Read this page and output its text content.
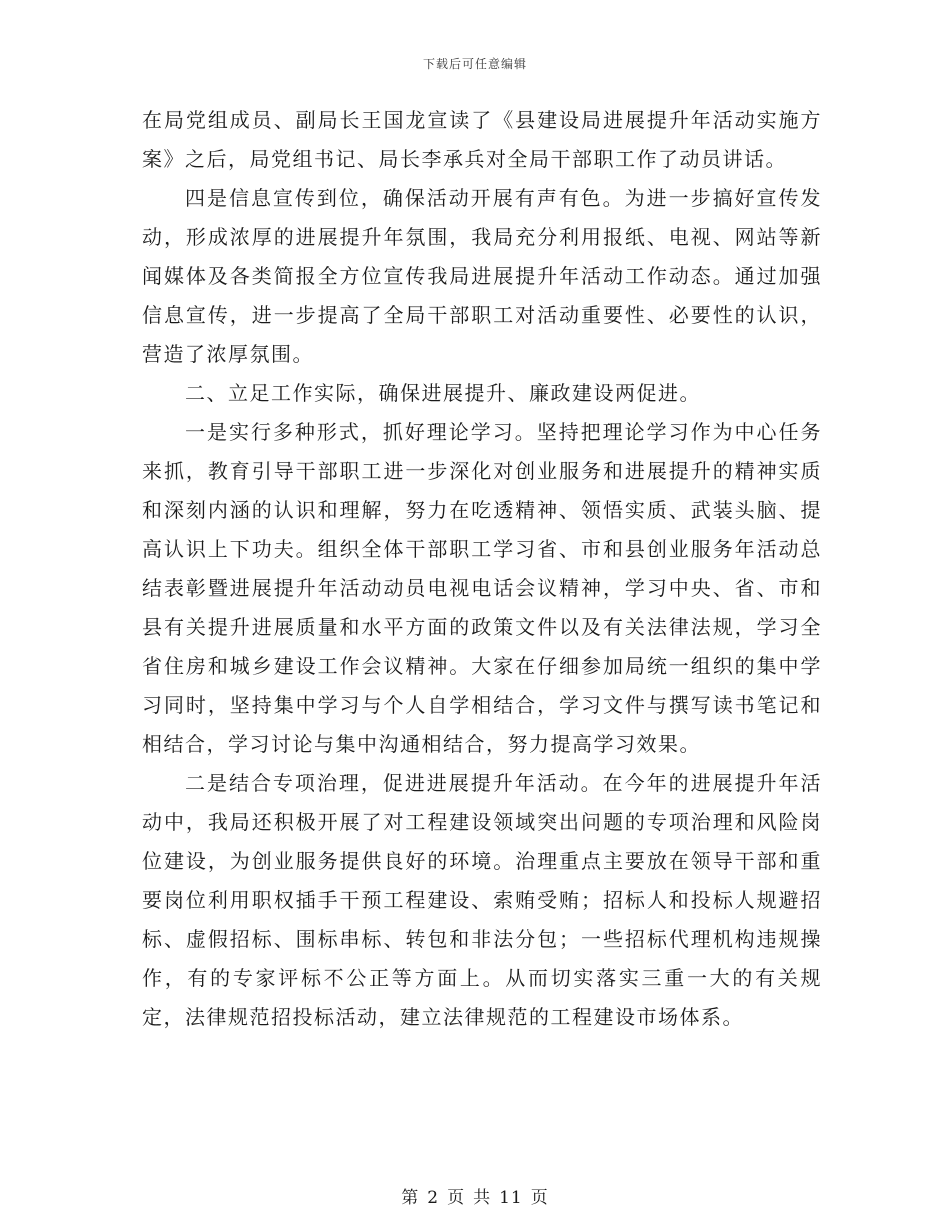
下载后可任意编辑

在局党组成员、副局长王国龙宣读了《县建设局进展提升年活动实施方案》之后，局党组书记、局长李承兵对全局干部职工作了动员讲话。

四是信息宣传到位，确保活动开展有声有色。为进一步搞好宣传发动，形成浓厚的进展提升年氛围，我局充分利用报纸、电视、网站等新闻媒体及各类简报全方位宣传我局进展提升年活动工作动态。通过加强信息宣传，进一步提高了全局干部职工对活动重要性、必要性的认识，营造了浓厚氛围。

二、立足工作实际，确保进展提升、廉政建设两促进。

一是实行多种形式，抓好理论学习。坚持把理论学习作为中心任务来抓，教育引导干部职工进一步深化对创业服务和进展提升的精神实质和深刻内涵的认识和理解，努力在吃透精神、领悟实质、武装头脑、提高认识上下功夫。组织全体干部职工学习省、市和县创业服务年活动总结表彰暨进展提升年活动动员电视电话会议精神，学习中央、省、市和县有关提升进展质量和水平方面的政策文件以及有关法律法规，学习全省住房和城乡建设工作会议精神。大家在仔细参加局统一组织的集中学习同时，坚持集中学习与个人自学相结合，学习文件与撰写读书笔记和相结合，学习讨论与集中沟通相结合，努力提高学习效果。

二是结合专项治理，促进进展提升年活动。在今年的进展提升年活动中，我局还积极开展了对工程建设领域突出问题的专项治理和风险岗位建设，为创业服务提供良好的环境。治理重点主要放在领导干部和重要岗位利用职权插手干预工程建设、索贿受贿；招标人和投标人规避招标、虚假招标、围标串标、转包和非法分包；一些招标代理机构违规操作，有的专家评标不公正等方面上。从而切实落实三重一大的有关规定，法律规范招投标活动，建立法律规范的工程建设市场体系。

第 2 页 共 11 页
